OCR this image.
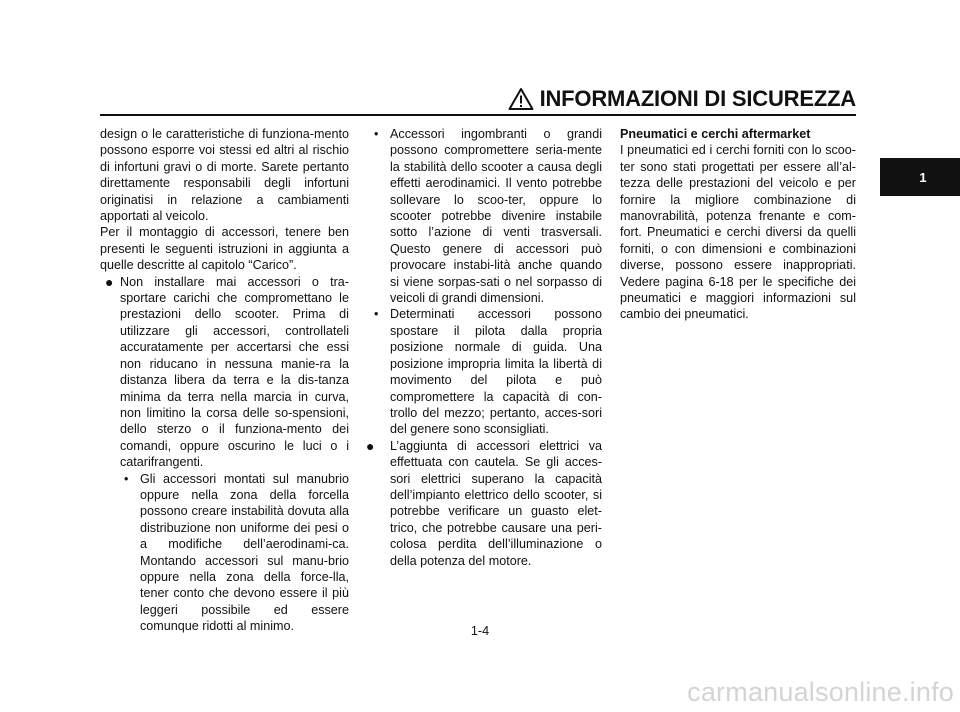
INFORMAZIONI DI SICUREZZA

design o le caratteristiche di funziona-mento possono esporre voi stessi ed altri al rischio di infortuni gravi o di morte. Sarete pertanto direttamente responsabili degli infortuni originatisi in relazione a cambiamenti apportati al veicolo.

Per il montaggio di accessori, tenere ben presenti le seguenti istruzioni in aggiunta a quelle descritte al capitolo “Carico”.

●

Non installare mai accessori o tra-sportare carichi che compromettano le prestazioni dello scooter. Prima di utilizzare gli accessori, controllateli accuratamente per accertarsi che essi non riducano in nessuna manie-ra la distanza libera da terra e la dis-tanza minima da terra nella marcia in curva, non limitino la corsa delle so-spensioni, dello sterzo o il funziona-mento dei comandi, oppure oscurino le luci o i catarifrangenti.

•

Gli accessori montati sul manubrio oppure nella zona della forcella possono creare instabilità dovuta alla distribuzione non uniforme dei pesi o a modifiche dell’aerodinami-ca. Montando accessori sul manu-brio oppure nella zona della force-lla, tener conto che devono essere il più leggeri possibile ed essere comunque ridotti al minimo.

•

Accessori ingombranti o grandi possono compromettere seria-mente la stabilità dello scooter a causa degli effetti aerodinamici. Il vento potrebbe sollevare lo scoo-ter, oppure lo scooter potrebbe divenire instabile sotto l’azione di venti trasversali. Questo genere di accessori può provocare instabi-lità anche quando si viene sorpas-sati o nel sorpasso di veicoli di grandi dimensioni.

•

Determinati accessori possono spostare il pilota dalla propria posizione normale di guida. Una posizione impropria limita la libertà di movimento del pilota e può compromettere la capacità di con-trollo del mezzo; pertanto, acces-sori del genere sono sconsigliati.

●

L’aggiunta di accessori elettrici va effettuata con cautela. Se gli acces-sori elettrici superano la capacità dell’impianto elettrico dello scooter, si potrebbe verificare un guasto elet-trico, che potrebbe causare una peri-colosa perdita dell’illuminazione o della potenza del motore.

Pneumatici e cerchi aftermarket

I pneumatici ed i cerchi forniti con lo scoo-ter sono stati progettati per essere all’al-tezza delle prestazioni del veicolo e per fornire la migliore combinazione di manovrabilità, potenza frenante e com-fort. Pneumatici e cerchi diversi da quelli forniti, o con dimensioni e combinazioni diverse, possono essere inappropriati. Vedere pagina 6-18 per le specifiche dei pneumatici e maggiori informazioni sul cambio dei pneumatici.

1-4
1
carmanualsonline.info
